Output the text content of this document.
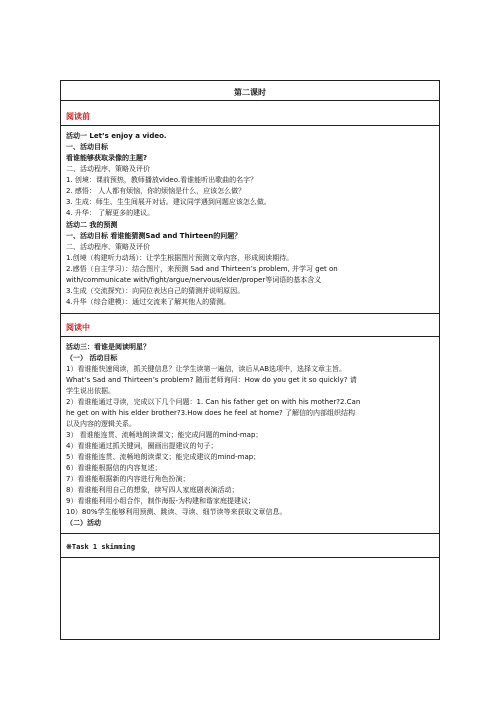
第二课时
阅读前
活动一 Let’s enjoy a video.
一、活动目标
看谁能够获取录像的主题?
二、活动程序、策略及评价
1. 创境：课前预热，教师播放video.看谁能听出歌曲的名字？
2. 感悟： 人人都有烦恼，你的烦恼是什么，应该怎么做？
3. 生成：师生、生生间展开对话。建议同学遇到问题应该怎么做。
4. 升华： 了解更多的建议。
活动二 我的预测
一、活动目标 看谁能猜测Sad and Thirteen的问题？
二、活动程序、策略及评价
1.创境（构建听力动场）：让学生根据图片预测文章内容，形成阅读期待。
2.感悟（自主学习）：结合图片，来预测 Sad and Thirteen’s problem, 并学习 get on
with/communicate with/fight/argue/nervous/elder/proper等词语的基本含义
3.生成（交流探究）：向同位表达自己的猜测并说明原因。
4.升华（综合建模）：通过交流来了解其他人的猜测。
阅读中
活动三：看谁是阅读明星？
（一） 活动目标
1）看谁能快速阅读，抓关键信息？让学生读第一遍信，读后从AB选项中，选择文章主旨。
What’s Sad and Thirteen’s problem? 随而老师询问：How do you get it so quickly? 请
学生说出依据。
2）看谁能通过寻读，完成以下几个问题：1. Can his father get on with his mother?2.Can
he get on with his elder brother?3.How does he feel at home? 了解信的内部组织结构
以及内容的逻辑关系。
3） 看谁能连贯、流畅地朗读课文；能完成问题的mind-map；
4）看谁能通过抓关键词，圈画出提建议的句子；
5）看谁能连贯、流畅地朗读课文；能完成建议的mind-map；
6）看谁能根据信的内容复述；
7）看谁能根据新的内容进行角色扮演；
8）看谁能利用自己的想象，续写四人家庭剧表演活动；
9）看谁能利用小组合作，制作海报-为构建和谐家庭提建议；
10）80%学生能够利用预测、跳读、寻读、细节读等来获取文章信息。
（二）活动
※Task 1 skimming
